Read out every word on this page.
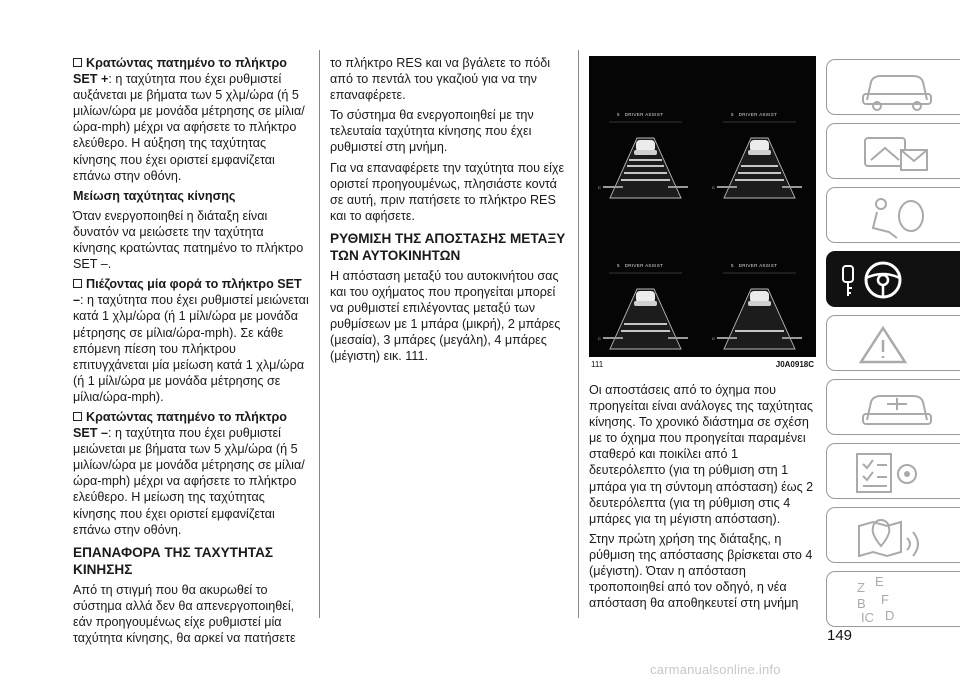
Κρατώντας πατημένο το πλήκτρο SET +: η ταχύτητα που έχει ρυθμιστεί αυξάνεται με βήματα των 5 χλμ/ώρα (ή 5 μιλίων/ώρα με μονάδα μέτρησης σε μίλια/ώρα-mph) μέχρι να αφήσετε το πλήκτρο ελεύθερο. Η αύξηση της ταχύτητας κίνησης που έχει οριστεί εμφανίζεται επάνω στην οθόνη.

Μείωση ταχύτητας κίνησης

Όταν ενεργοποιηθεί η διάταξη είναι δυνατόν να μειώσετε την ταχύτητα κίνησης κρατώντας πατημένο το πλήκτρο SET –.

Πιέζοντας μία φορά το πλήκτρο SET –: η ταχύτητα που έχει ρυθμιστεί μειώνεται κατά 1 χλμ/ώρα (ή 1 μίλι/ώρα με μονάδα μέτρησης σε μίλια/ώρα-mph). Σε κάθε επόμενη πίεση του πλήκτρου επιτυγχάνεται μία μείωση κατά 1 χλμ/ώρα (ή 1 μίλι/ώρα με μονάδα μέτρησης σε μίλια/ώρα-mph).

Κρατώντας πατημένο το πλήκτρο SET –: η ταχύτητα που έχει ρυθμιστεί μειώνεται με βήματα των 5 χλμ/ώρα (ή 5 μιλίων/ώρα με μονάδα μέτρησης σε μίλια/ώρα-mph) μέχρι να αφήσετε το πλήκτρο ελεύθερο. Η μείωση της ταχύτητας κίνησης που έχει οριστεί εμφανίζεται επάνω στην οθόνη.

ΕΠΑΝΑΦΟΡΑ ΤΗΣ ΤΑΧΥΤΗΤΑΣ ΚΙΝΗΣΗΣ

Από τη στιγμή που θα ακυρωθεί το σύστημα αλλά δεν θα απενεργοποιηθεί, εάν προηγουμένως είχε ρυθμιστεί μία ταχύτητα κίνησης, θα αρκεί να πατήσετε

το πλήκτρο RES και να βγάλετε το πόδι από το πεντάλ του γκαζιού για να την επαναφέρετε.

Το σύστημα θα ενεργοποιηθεί με την τελευταία ταχύτητα κίνησης που έχει ρυθμιστεί στη μνήμη.

Για να επαναφέρετε την ταχύτητα που είχε οριστεί προηγουμένως, πλησιάστε κοντά σε αυτή, πριν πατήσετε το πλήκτρο RES και το αφήσετε.

ΡΥΘΜΙΣΗ ΤΗΣ ΑΠΟΣΤΑΣΗΣ ΜΕΤΑΞΥ ΤΩΝ ΑΥΤΟΚΙΝΗΤΩΝ

Η απόσταση μεταξύ του αυτοκινήτου σας και του οχήματος που προηγείται μπορεί να ρυθμιστεί επιλέγοντας μεταξύ των ρυθμίσεων με 1 μπάρα (μικρή), 2 μπάρες (μεσαία), 3 μπάρες (μεγάλη), 4 μπάρες (μέγιστη) εικ. 111.

5 DRIVER ASSIST
C
5 DRIVER ASSIST
C
5 DRIVER ASSIST
C
5 DRIVER ASSIST
C
111	J0A0918C

Οι αποστάσεις από το όχημα που προηγείται είναι ανάλογες της ταχύτητας κίνησης. Το χρονικό διάστημα σε σχέση με το όχημα που προηγείται παραμένει σταθερό και ποικίλει από 1 δευτερόλεπτο (για τη ρύθμιση στη 1 μπάρα για τη σύντομη απόσταση) έως 2 δευτερόλεπτα (για τη ρύθμιση στις 4 μπάρες για τη μέγιστη απόσταση).

Στην πρώτη χρήση της διάταξης, η ρύθμιση της απόστασης βρίσκεται στο 4 (μέγιστη). Όταν η απόσταση τροποποιηθεί από τον οδηγό, η νέα απόσταση θα αποθηκευτεί στη μνήμη

Z E
B F
ΙC D
149
carmanualsonline.info
